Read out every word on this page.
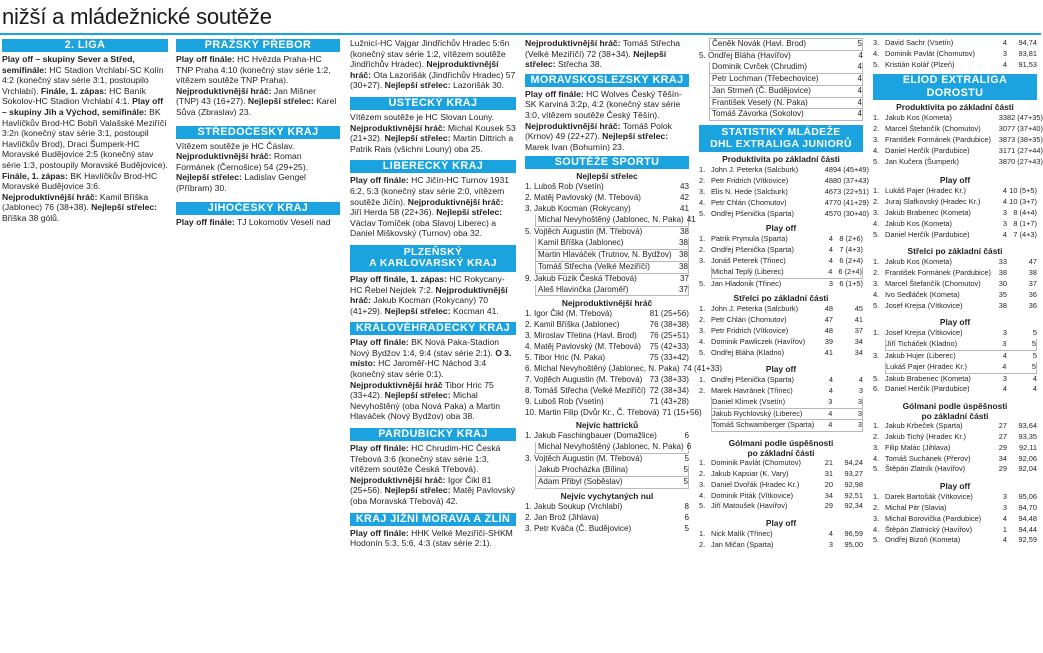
nižší a mládežnické soutěže
2. LIGA

Play off – skupiny Sever a Střed, semifinále: HC Stadion Vrchlabí-SC Kolín 4:2 (konečný stav série 3:1, postoupilo Vrchlabí). Finále, 1. zápas: HC Baník Sokolov-HC Stadion Vrchlabí 4:1. Play off – skupiny Jih a Východ, semifinále: BK Havlíčkův Brod-HC Bobři Valašské Meziříčí 3:2n (konečný stav série 3:1, postoupil Havlíčkův Brod), Draci Šumperk-HC Moravské Budějovice 2:5 (konečný stav série 1:3, postoupily Moravské Budějovice). Finále, 1. zápas: BK Havlíčkův Brod-HC Moravské Budějovice 3:6. Nejproduktivnější hráč: Kamil Bříška (Jablonec) 76 (38+38). Nejlepší střelec: Bříška 38 gólů.

PRAŽSKÝ PŘEBOR

Play off finále: HC Hvězda Praha-HC TNP Praha 4:10 (konečný stav série 1:2, vítězem soutěže TNP Praha). Nejproduktivnější hráč: Jan Mišner (TNP) 43 (16+27). Nejlepší střelec: Karel Sůva (Zbraslav) 23.

STŘEDOČESKÝ KRAJ

Vítězem soutěže je HC Čáslav. Nejproduktivnější hráč: Roman Formánek (Černošice) 54 (29+25). Nejlepší střelec: Ladislav Gengel (Příbram) 30.

JIHOČESKÝ KRAJ

Play off finále: TJ Lokomotiv Veselí nad

Lužnicí-HC Vajgar Jindřichův Hradec 5:6n (konečný stav série 1:2, vítězem soutěže Jindřichův Hradec). Nejproduktivnější hráč: Ota Lazorišák (Jindřichův Hradec) 57 (30+27). Nejlepší střelec: Lazorišák 30.

ÚSTECKÝ KRAJ

Vítězem soutěže je HC Slovan Louny. Nejproduktivnější hráč: Michal Kousek 53 (21+32). Nejlepší střelec: Martin Dittrich a Patrik Rais (všichni Louny) oba 25.

LIBERECKÝ KRAJ

Play off finále: HC Jičín-HC Turnov 1931 6:2, 5:3 (konečný stav série 2:0, vítězem soutěže Jičín). Nejproduktivnější hráč: Jiří Herda 58 (22+36). Nejlepší střelec: Václav Tomíček (oba Slavoj Liberec) a Daniel Miškovský (Turnov) oba 32.

PLZEŇSKÝ
A KARLOVARSKÝ KRAJ

Play off finále, 1. zápas: HC Rokycany-HC Řebel Nejdek 7:2. Nejproduktivnější hráč: Jakub Kocman (Rokycany) 70 (41+29). Nejlepší střelec: Kocman 41.

KRÁLOVÉHRADECKÝ KRAJ

Play off finále: BK Nová Paka-Stadion Nový Bydžov 1:4, 9:4 (stav série 2:1). O 3. místo: HC Jaroměř-HC Náchod 3:4 (konečný stav série 0:1). Nejproduktivnější hráč Tibor Hric 75 (33+42). Nejlepší střelec: Michal Nevyhoštěný (oba Nová Paka) a Martin Hlaváček (Nový Bydžov) oba 38.

PARDUBICKÝ KRAJ

Play off finále: HC Chrudim-HC Česká Třebová 3:6 (konečný stav série 1:3, vítězem soutěže Česká Třebová). Nejproduktivnější hráč: Igor Čikl 81 (25+56). Nejlepší střelec: Matěj Pavlovský (oba Moravská Třebová) 42.

KRAJ JIŽNÍ MORAVA A ZLÍN

Play off finále: HHK Velké Meziříčí-SHKM Hodonín 5:3, 5:6, 4:3 (stav série 2:1).

Nejproduktivnější hráč: Tomáš Střecha (Velké Meziříčí) 72 (38+34). Nejlepší střelec: Střecha 38.

MORAVSKOSLEZSKÝ KRAJ

Play off finále: HC Wolves Český Těšín-SK Karviná 3:2p, 4:2 (konečný stav série 3:0, vítězem soutěže Český Těšín). Nejproduktivnější hráč: Tomáš Polok (Krnov) 49 (22+27). Nejlepší střelec: Marek Ivan (Bohumín) 23.

SOUTĚŽE SPORTU
Nejlepší střelec
1. Luboš Rob (Vsetín)	43
2. Matěj Pavlovský (M. Třebová)	42
3. Jakub Kocman (Rokycany)	41
Michal Nevyhoštěný (Jablonec, N. Paka) 41
5. Vojtěch Augustin (M. Třebová)	38
Kamil Bříška (Jablonec)	38
Martin Hlaváček (Trutnov, N. Bydžov) 38
Tomáš Střecha (Velké Meziříčí)	38
9. Jakub Fúzik Česká Třebová)	37
Aleš Hlavinčka (Jaroměř)	37
Nejproduktivnější hráč
1. Igor Čikl (M. Třebová)	81 (25+56)
2. Kamil Bříška (Jablonec)	76 (38+38)
3. Miroslav Třetina (Havl. Brod)	76 (25+51)
4. Matěj Pavlovský (M. Třebová)	75 (42+33)
5. Tibor Hric (N. Paka)	75 (33+42)
6. Michal Nevyhoštěný (Jablonec, N. Paka) 74 (41+33)
7. Vojtěch Augustin (M. Třebová) 73 (38+33)
8. Tomáš Střecha (Velké Meziříčí) 72 (38+34)
9. Luboš Rob (Vsetín)	71 (43+28)
10. Martin Filip (Dvůr Kr., Č. Třebová) 71 (15+56)
Nejvíc hattricků
1. Jakub Faschingbauer (Domažlice)	6
Michal Nevyhoštěný (Jablonec, N. Paka) 6
3. Vojtěch Augustin (M. Třebová)	5
Jakub Procházka (Bílina)	5
Adam Přibyl (Soběslav)	5
Nejvíc vychytaných nul
1. Jakub Soukup (Vrchlabí)	8
2. Jan Brož (Jihlava)	6
3. Petr Kváča (Č. Budějovice)	5
Čeněk Novák (Havl. Brod)	5
5. Ondřej Bláha (Havířov)	4
Dominik Cvrček (Chrudim)	4
Petr Lochman (Třebechovice)	4
Jan Strmeň (Č. Budějovice)	4
František Veselý (N. Paka)	4
Tomáš Závorka (Sokolov)	4
STATISTIKY MLÁDEŽE
DHL EXTRALIGA JUNIORŮ
Produktivita po základní části
1. John J. Peterka (Salcburk)	48 94 (45+49)
2. Petr Fridrich (Vítkovice)	48 80 (37+43)
3. Elis N. Hede (Salcburk)	46 73 (22+51)
4. Petr Chlán (Chomutov)	47 70 (41+29)
5. Ondřej Pšenička (Sparta)	45 70 (30+40)
Play off
1. Patrik Prymula (Sparta)	4 8 (2+6)
2. Ondřej Pšenička (Sparta)	4 7 (4+3)
3. Jonáš Peterek (Třinec)	4 6 (2+4)
Michal Teplý (Liberec)	4 6 (2+4)
5. Jan Hladonik (Třinec)	3 6 (1+5)
Střelci po základní části
1. John J. Peterka (Salcburk)	48	45
2. Petr Chlán (Chomutov)	47	41
3. Petr Fridrich (Vítkovice)	48	37
4. Dominik Pawliczek (Havířov)	39	34
5. Ondřej Bláha (Kladno)	41	34
Play off
1. Ondřej Pšenička (Sparta)	4	4
2. Marek Havránek (Třinec)	4	3
Daniel Klimek (Vsetín)	3	3
Jakub Rychlovský (Liberec)	4	3
Tomáš Schwamberger (Sparta)	4	3
Gólmani podle úspěšnosti
po základní části
1. Dominik Pavlát (Chomutov)	21	94,24
2. Jakub Kapsiar (K. Vary)	31	93,27
3. Daniel Dvořák (Hradec Kr.)	20	92,98
4. Dominik Piták (Vítkovice)	34	92,51
5. Jiří Matoušek (Havířov)	29	92,34
Play off
1. Nick Malík (Třinec)	4	96,59
2. Jan Mičan (Sparta)	3	95,00
3. David Sachr (Vsetín)	4	94,74
4. Dominik Pavlát (Chomutov)	3	93,81
5. Kristián Kolář (Plzeň)	4	91,53
ELIOD EXTRALIGA DOROSTU
Produktivita po základní části
1. Jakub Kos (Kometa)	33 82 (47+35)
2. Marcel Štefančík (Chomutov)	30 77 (37+40)
3. František Formánek (Pardubice)	38 73 (38+35)
4. Daniel Herčík (Pardubice)	31 71 (27+44)
5. Jan Kučera (Šumperk)	38 70 (27+43)
Play off
1. Lukáš Pajer (Hradec Kr.)	4 10 (5+5)
2. Juraj Slafkovský (Hradec Kr.)	4 10 (3+7)
3. Jakub Brabenec (Kometa)	3 8 (4+4)
4. Jakub Kos (Kometa)	3 8 (1+7)
5. Daniel Herčík (Pardubice)	4 7 (4+3)
Střelci po základní části
1. Jakub Kos (Kometa)	33	47
2. František Formánek (Pardubice)	38	38
3. Marcel Štefančík (Chomutov)	30	37
4. Ivo Sedláček (Kometa)	35	36
5. Josef Krejsa (Vítkovice)	38	36
Play off
1. Josef Krejsa (Vítkovice)	3	5
Jiří Ticháček (Kladno)	3	5
3. Jakub Hujer (Liberec)	4	5
Lukáš Pajer (Hradec Kr.)	4	5
5. Jakub Brabenec (Kometa)	3	4
6. Daniel Herčík (Pardubice)	4	4
Gólmani podle úspěšnosti
po základní části
1. Jakub Krbeček (Sparta)	27	93,64
2. Jakub Tichý (Hradec Kr.)	27	93,35
3. Filip Malác (Jihlava)	29	92,11
4. Tomáš Suchánek (Přerov)	34	92,06
5. Štěpán Zlatník (Havířov)	29	92,04
Play off
1. Darek Bartošák (Vítkovice)	3	95,06
2. Michal Pitr (Slavia)	3	94,70
3. Michal Borovička (Pardubice)	4	94,48
4. Štěpán Zlatnický (Havířov)	1	94,44
5. Ondřej Bizoň (Kometa)	4	92,59
